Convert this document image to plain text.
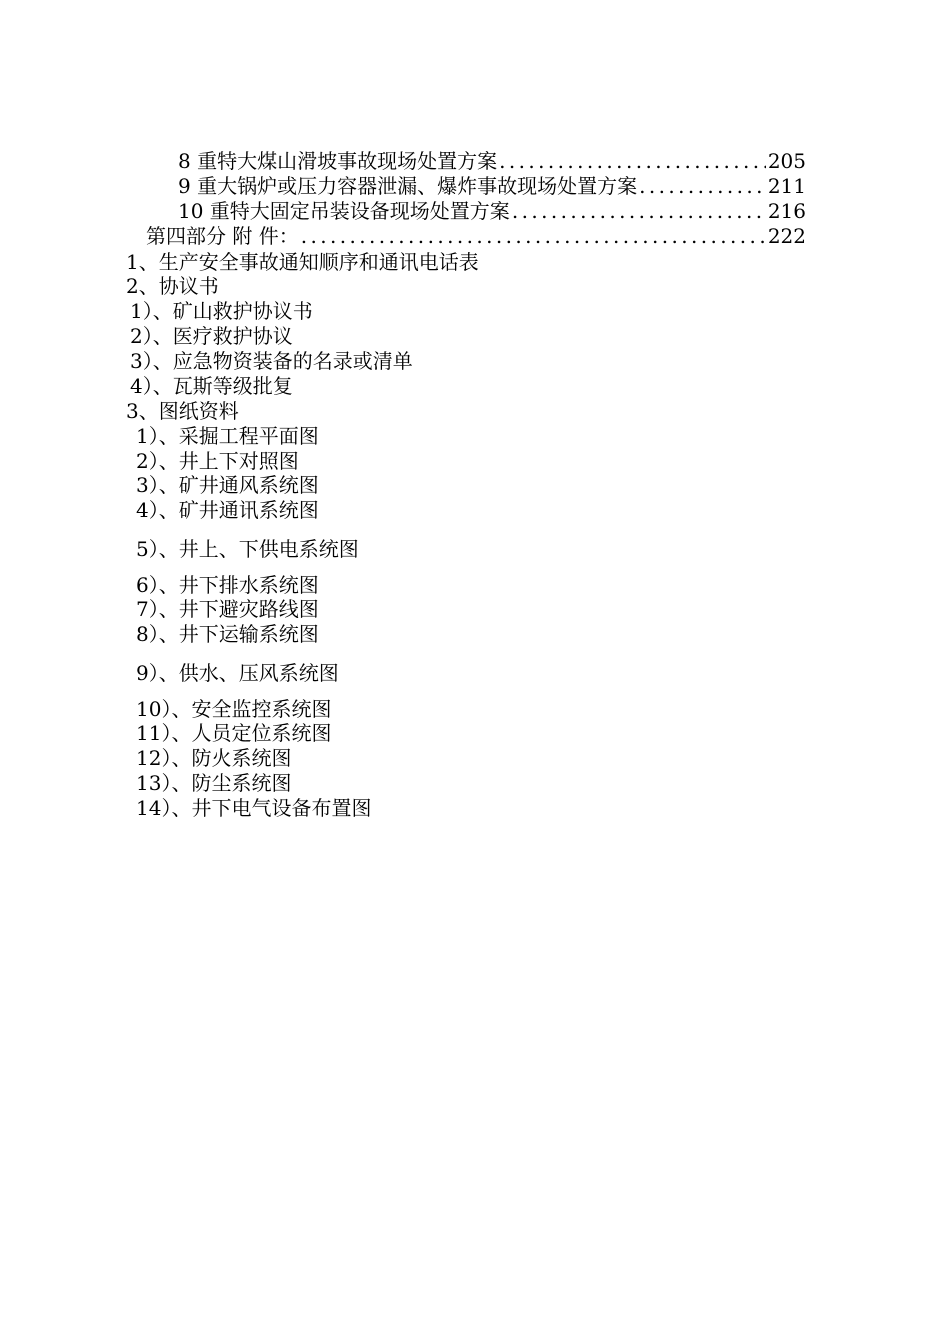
8 重特大煤山滑坡事故现场处置方案 .....	205
9 重大锅炉或压力容器泄漏、爆炸事故现场处置方案 .....	211
10 重特大固定吊装设备现场处置方案 .....	216
第四部分 附 件： .....	222
1、生产安全事故通知顺序和通讯电话表
2、协议书
1）、矿山救护协议书
2）、医疗救护协议
3）、应急物资装备的名录或清单
4）、瓦斯等级批复
3、图纸资料
1）、采掘工程平面图
2）、井上下对照图
3）、矿井通风系统图
4）、矿井通讯系统图
5）、井上、下供电系统图
6）、井下排水系统图
7）、井下避灾路线图
8）、井下运输系统图
9）、供水、压风系统图
10）、安全监控系统图
11）、人员定位系统图
12）、防火系统图
13）、防尘系统图
14）、井下电气设备布置图
